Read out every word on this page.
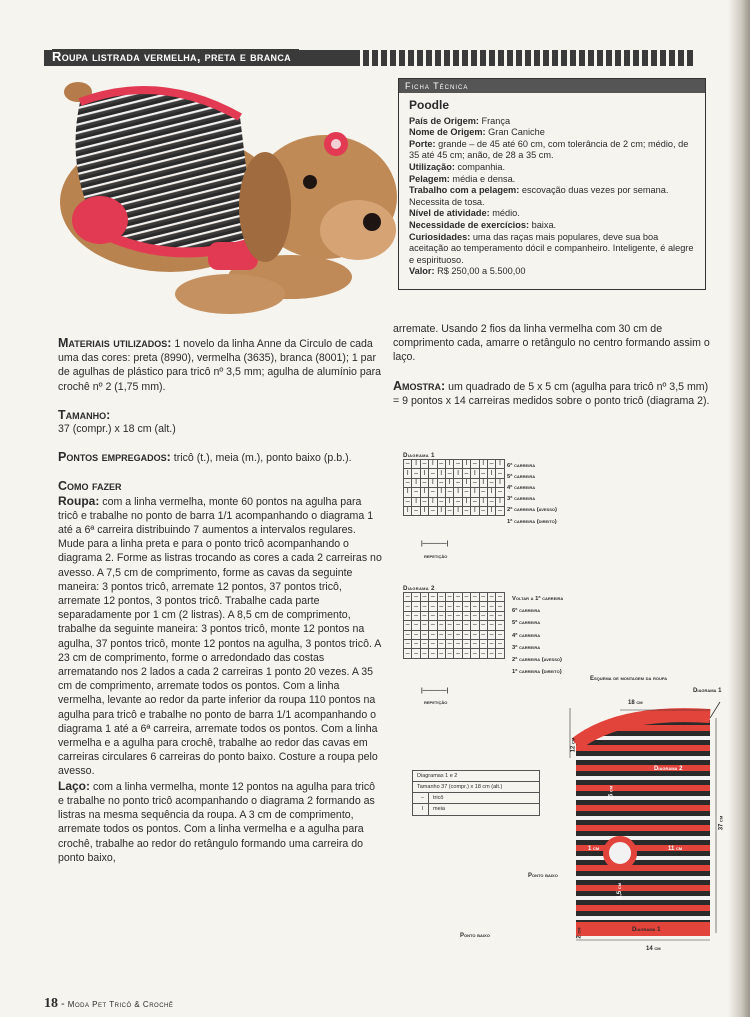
Roupa listrada vermelha, preta e branca
Ficha Técnica
Poodle
País de Origem: França
Nome de Origem: Gran Caniche
Porte: grande – de 45 até 60 cm, com tolerância de 2 cm; médio, de 35 até 45 cm; anão, de 28 a 35 cm.
Utilização: companhia.
Pelagem: média e densa.
Trabalho com a pelagem: escovação duas vezes por semana. Necessita de tosa.
Nível de atividade: médio.
Necessidade de exercícios: baixa.
Curiosidades: uma das raças mais populares, deve sua boa aceitação ao temperamento dócil e companheiro. Inteligente, é alegre e espirituoso.
Valor: R$ 250,00 a 5.500,00

Materiais utilizados: 1 novelo da linha Anne da Circulo de cada uma das cores: preta (8990), vermelha (3635), branca (8001); 1 par de agulhas de plástico para tricô nº 3,5 mm; agulha de alumínio para crochê nº 2 (1,75 mm).

Tamanho:

37 (compr.) x 18 cm (alt.)

Pontos empregados: tricô (t.), meia (m.), ponto baixo (p.b.).

Como fazer

Roupa: com a linha vermelha, monte 60 pontos na agulha para tricô e trabalhe no ponto de barra 1/1 acompanhando o diagrama 1 até a 6ª carreira distribuindo 7 aumentos a intervalos regulares. Mude para a linha preta e para o ponto tricô acompanhando o diagrama 2. Forme as listras trocando as cores a cada 2 carreiras no avesso. A 7,5 cm de comprimento, forme as cavas da seguinte maneira: 3 pontos tricô, arremate 12 pontos, 37 pontos tricô, arremate 12 pontos, 3 pontos tricô. Trabalhe cada parte separadamente por 1 cm (2 listras). A 8,5 cm de comprimento, trabalhe da seguinte maneira: 3 pontos tricô, monte 12 pontos na agulha, 37 pontos tricô, monte 12 pontos na agulha, 3 pontos tricô. A 23 cm de comprimento, forme o arredondado das costas arrematando nos 2 lados a cada 2 carreiras 1 ponto 20 vezes. A 35 cm de comprimento, arremate todos os pontos. Com a linha vermelha, levante ao redor da parte inferior da roupa 110 pontos na agulha para tricô e trabalhe no ponto de barra 1/1 acompanhando o diagrama 1 até a 6ª carreira, arremate todos os pontos. Com a linha vermelha e a agulha para crochê, trabalhe ao redor das cavas em carreiras circulares 6 carreiras do ponto baixo. Costure a roupa pelo avesso.

Laço: com a linha vermelha, monte 12 pontos na agulha para tricô e trabalhe no ponto tricô acompanhando o diagrama 2 formando as listras na mesma sequência da roupa. A 3 cm de comprimento, arremate todos os pontos. Com a linha vermelha e a agulha para crochê, trabalhe ao redor do retângulo formando uma carreira do ponto baixo,

arremate. Usando 2 fios da linha vermelha com 30 cm de comprimento cada, amarre o retângulo no centro formando assim o laço.

Amostra: um quadrado de 5 x 5 cm (agulha para tricô nº 3,5 mm) = 9 pontos x 14 carreiras medidos sobre o ponto tricô (diagrama 2).

Diagrama 1
–	I	–	I	–	I	–	I	–	I	–	I
I	–	I	–	I	–	I	–	I	–	I	–
–	I	–	I	–	I	–	I	–	I	–	I
I	–	I	–	I	–	I	–	I	–	I	–
–	I	–	I	–	I	–	I	–	I	–	I
I	–	I	–	I	–	I	–	I	–	I	–
6ª carreira
5ª carreira
4ª carreira
3ª carreira
2ª carreira (avesso)
1ª carreira (direito)
|————|
repetição
Diagrama 2
–	–	–	–	–	–	–	–	–	–	–	–
–	–	–	–	–	–	–	–	–	–	–	–
–	–	–	–	–	–	–	–	–	–	–	–
–	–	–	–	–	–	–	–	–	–	–	–
–	–	–	–	–	–	–	–	–	–	–	–
–	–	–	–	–	–	–	–	–	–	–	–
–	–	–	–	–	–	–	–	–	–	–	–
Voltar a 1ª carreira
6ª carreira
5ª carreira
4ª carreira
3ª carreira
2ª carreira (avesso)
1ª carreira (direito)
|————|
repetição
Diagramas 1 e 2
Tamanho 37 (compr.) x 18 cm (alt.)
– tricô
I meia
Esquema de montagem da roupa
Diagrama 1
18 cm
12 cm
Diagrama 2
15 cm
37 cm
1 cm	11 cm
Ponto baixo
5,5 cm
2 cm	Diagrama 1
14 cm
Ponto baixo
18 - Moda Pet Tricô & Crochê
